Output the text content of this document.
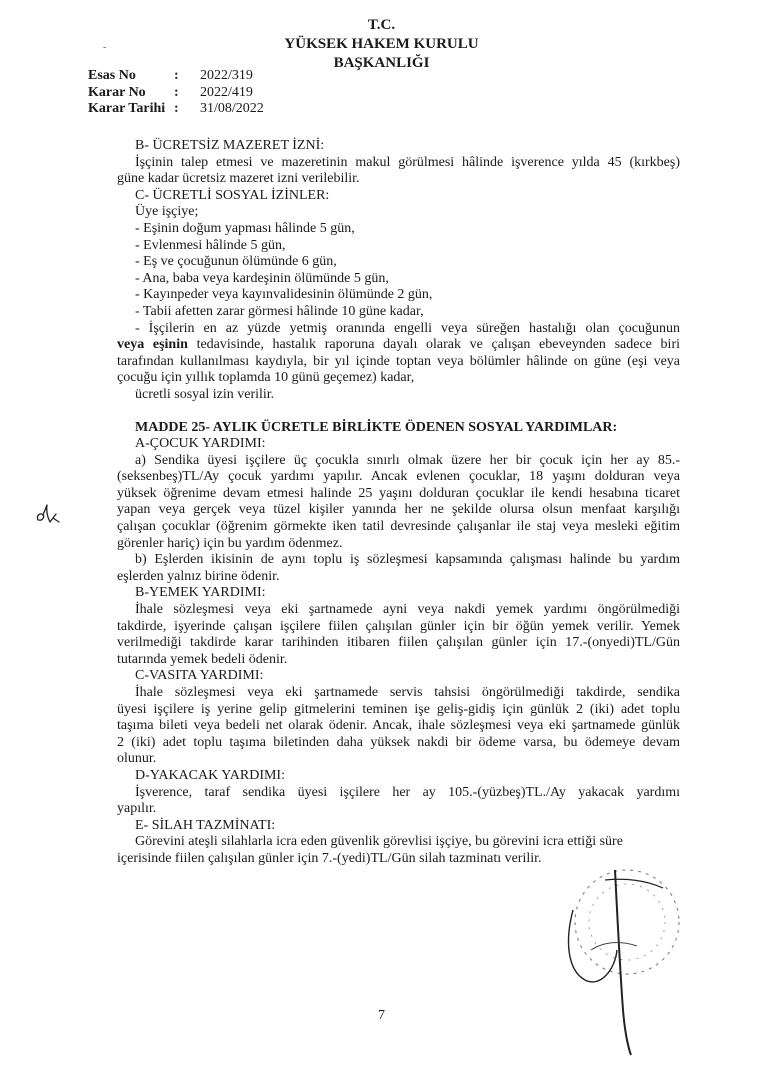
-
T.C.
YÜKSEK HAKEM KURULU
BAŞKANLIĞI
Esas No	:	2022/319
Karar No	:	2022/419
Karar Tarihi :	31/08/2022

B- ÜCRETSİZ MAZERET İZNİ:

İşçinin talep etmesi ve mazeretinin makul görülmesi hâlinde işverence yılda 45 (kırkbeş)

güne kadar ücretsiz mazeret izni verilebilir.

C- ÜCRETLİ SOSYAL İZİNLER:

Üye işçiye;

- Eşinin doğum yapması hâlinde 5 gün,

- Evlenmesi hâlinde 5 gün,

- Eş ve çocuğunun ölümünde 6 gün,

- Ana, baba veya kardeşinin ölümünde 5 gün,

- Kayınpeder veya kayınvalidesinin ölümünde 2 gün,

- Tabii afetten zarar görmesi hâlinde 10 güne kadar,

- İşçilerin en az yüzde yetmiş oranında engelli veya süreğen hastalığı olan çocuğunun

veya eşinin tedavisinde, hastalık raporuna dayalı olarak ve çalışan ebeveynden sadece biri

tarafından kullanılması kaydıyla, bir yıl içinde toptan veya bölümler hâlinde on güne (eşi veya

çocuğu için yıllık toplamda 10 günü geçemez) kadar,

ücretli sosyal izin verilir.

MADDE 25- AYLIK ÜCRETLE BİRLİKTE ÖDENEN SOSYAL YARDIMLAR:

A-ÇOCUK YARDIMI:

a) Sendika üyesi işçilere üç çocukla sınırlı olmak üzere her bir çocuk için her ay 85.-

(seksenbeş)TL/Ay çocuk yardımı yapılır. Ancak evlenen çocuklar, 18 yaşını dolduran veya

yüksek öğrenime devam etmesi halinde 25 yaşını dolduran çocuklar ile kendi hesabına ticaret

yapan veya gerçek veya tüzel kişiler yanında her ne şekilde olursa olsun menfaat karşılığı

çalışan çocuklar (öğrenim görmekte iken tatil devresinde çalışanlar ile staj veya mesleki eğitim

görenler hariç) için bu yardım ödenmez.

b) Eşlerden ikisinin de aynı toplu iş sözleşmesi kapsamında çalışması halinde bu yardım

eşlerden yalnız birine ödenir.

B-YEMEK YARDIMI:

İhale sözleşmesi veya eki şartnamede ayni veya nakdi yemek yardımı öngörülmediği

takdirde, işyerinde çalışan işçilere fiilen çalışılan günler için bir öğün yemek verilir. Yemek

verilmediği takdirde karar tarihinden itibaren fiilen çalışılan günler için 17.-(onyedi)TL/Gün

tutarında yemek bedeli ödenir.

C-VASITA YARDIMI:

İhale sözleşmesi veya eki şartnamede servis tahsisi öngörülmediği takdirde, sendika

üyesi işçilere iş yerine gelip gitmelerini teminen işe geliş-gidiş için günlük 2 (iki) adet toplu

taşıma bileti veya bedeli net olarak ödenir. Ancak, ihale sözleşmesi veya eki şartnamede günlük

2 (iki) adet toplu taşıma biletinden daha yüksek nakdi bir ödeme varsa, bu ödemeye devam

olunur.

D-YAKACAK YARDIMI:

İşverence, taraf sendika üyesi işçilere her ay 105.-(yüzbeş)TL./Ay yakacak yardımı

yapılır.

E- SİLAH TAZMİNATI:

Görevini ateşli silahlarla icra eden güvenlik görevlisi işçiye, bu görevini icra ettiği süre

içerisinde fiilen çalışılan günler için 7.-(yedi)TL/Gün silah tazminatı verilir.

7
